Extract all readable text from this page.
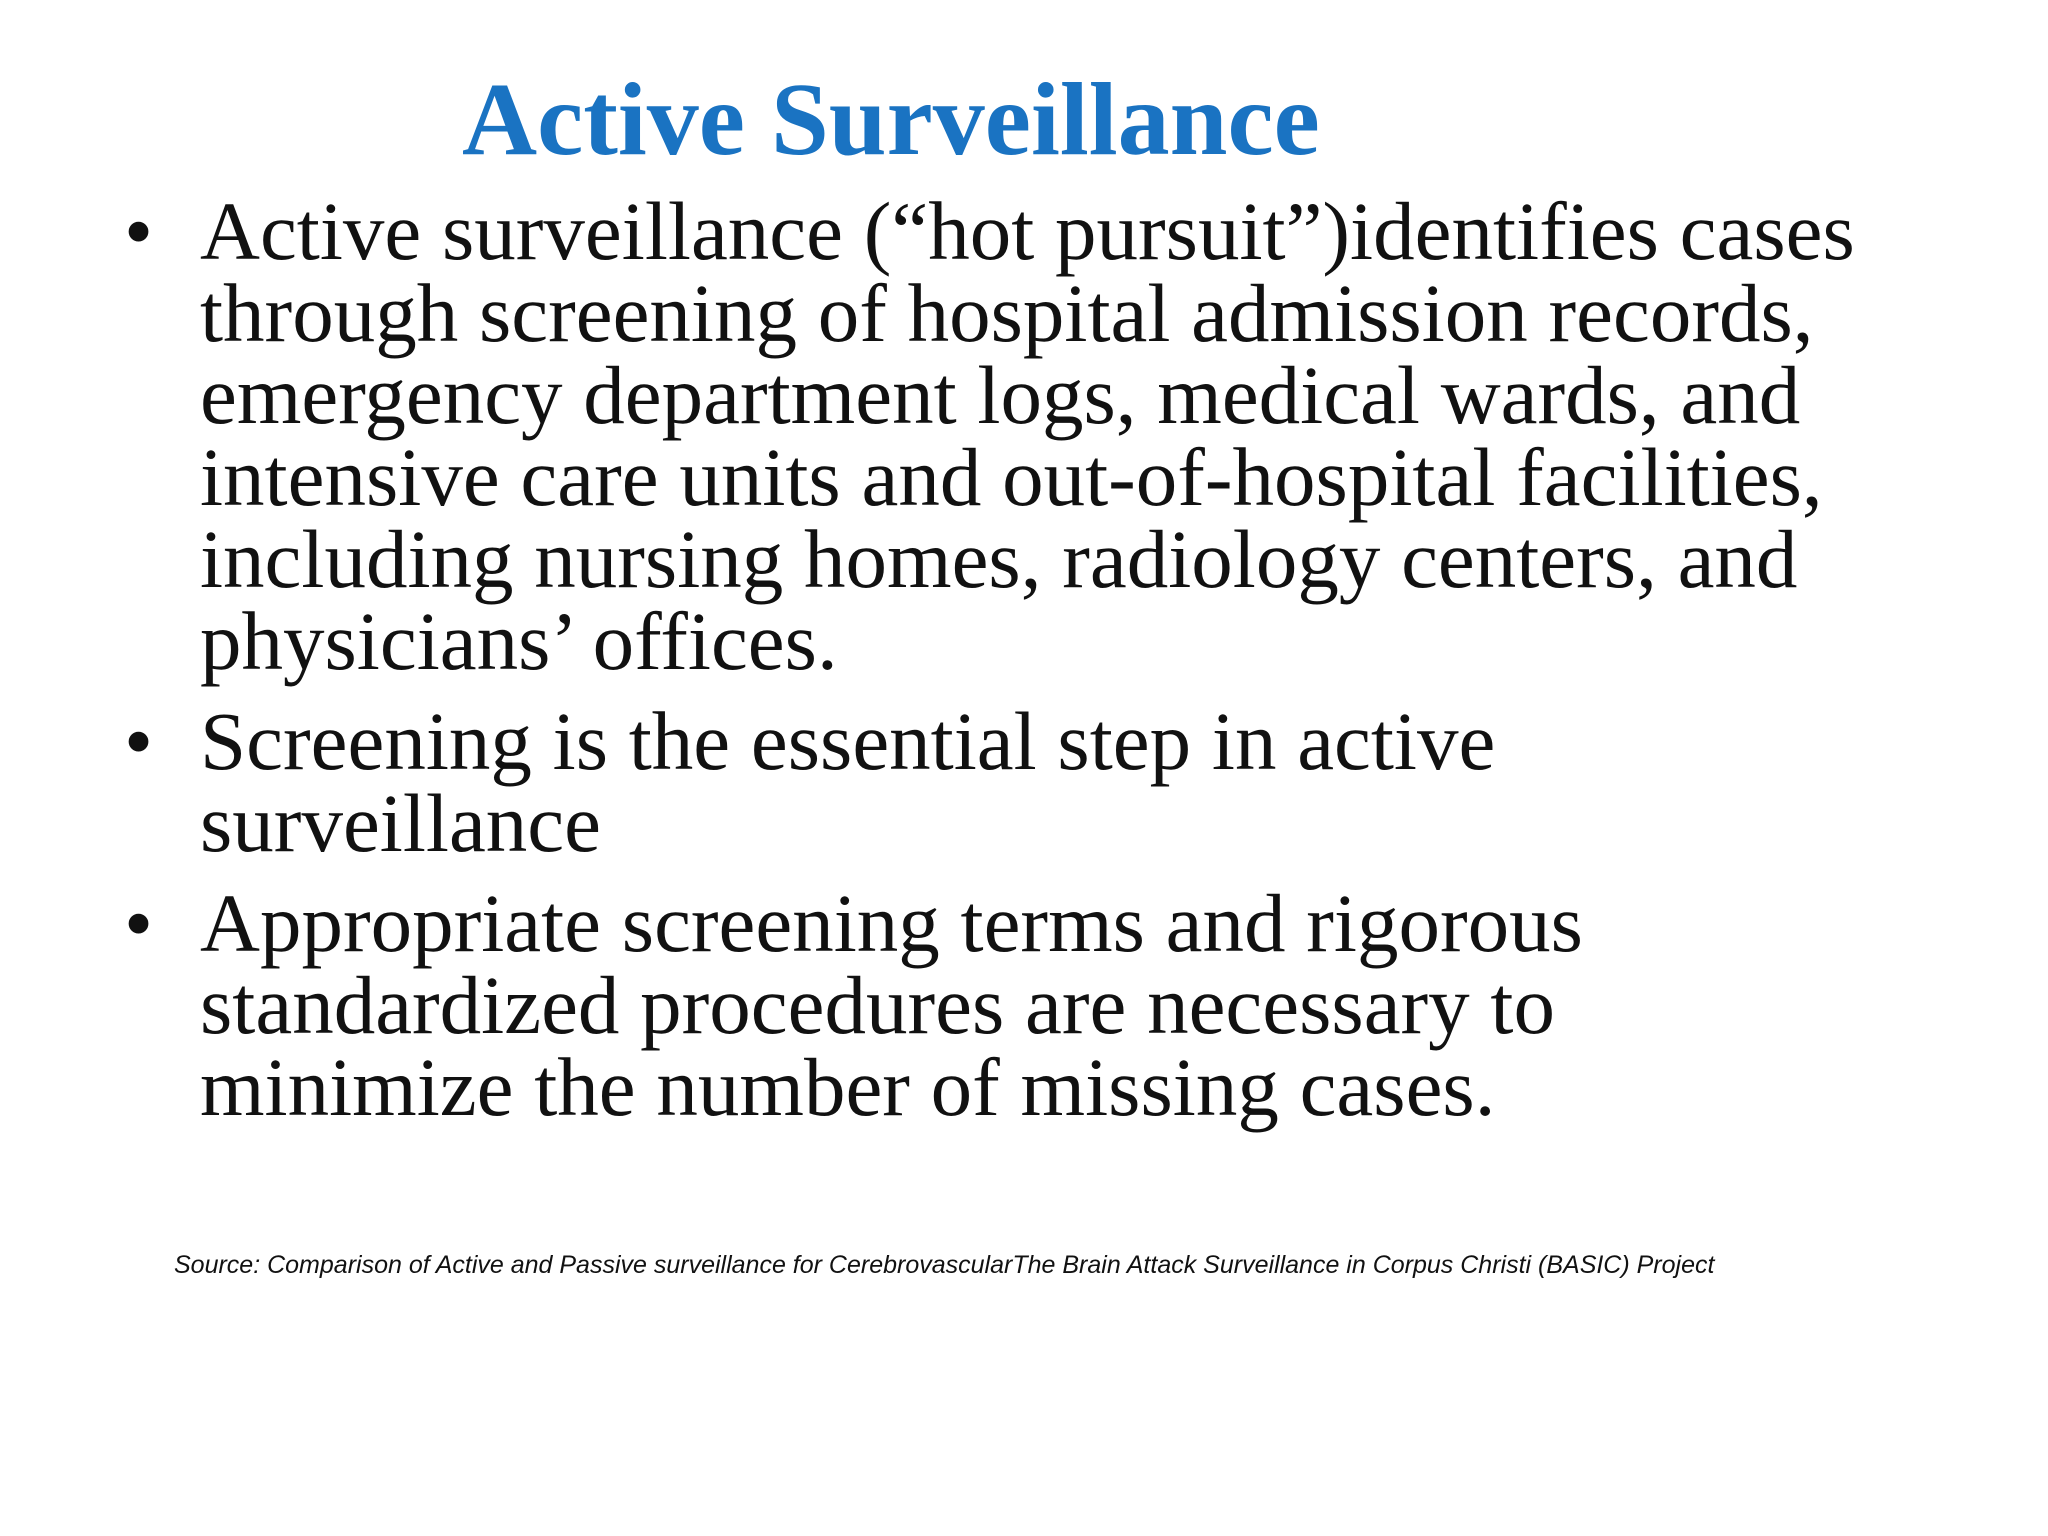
Active Surveillance
• Active surveillance (“hot pursuit”)identifies cases
through screening of hospital admission records,
emergency department logs, medical wards, and
intensive care units and out-of-hospital facilities,
including nursing homes, radiology centers, and
physicians’ offices.
• Screening is the essential step in active
surveillance
• Appropriate screening terms and rigorous
standardized procedures are necessary to
minimize the number of missing cases.

Source: Comparison of Active and Passive surveillance for CerebrovascularThe Brain Attack Surveillance in Corpus Christi (BASIC) Project
